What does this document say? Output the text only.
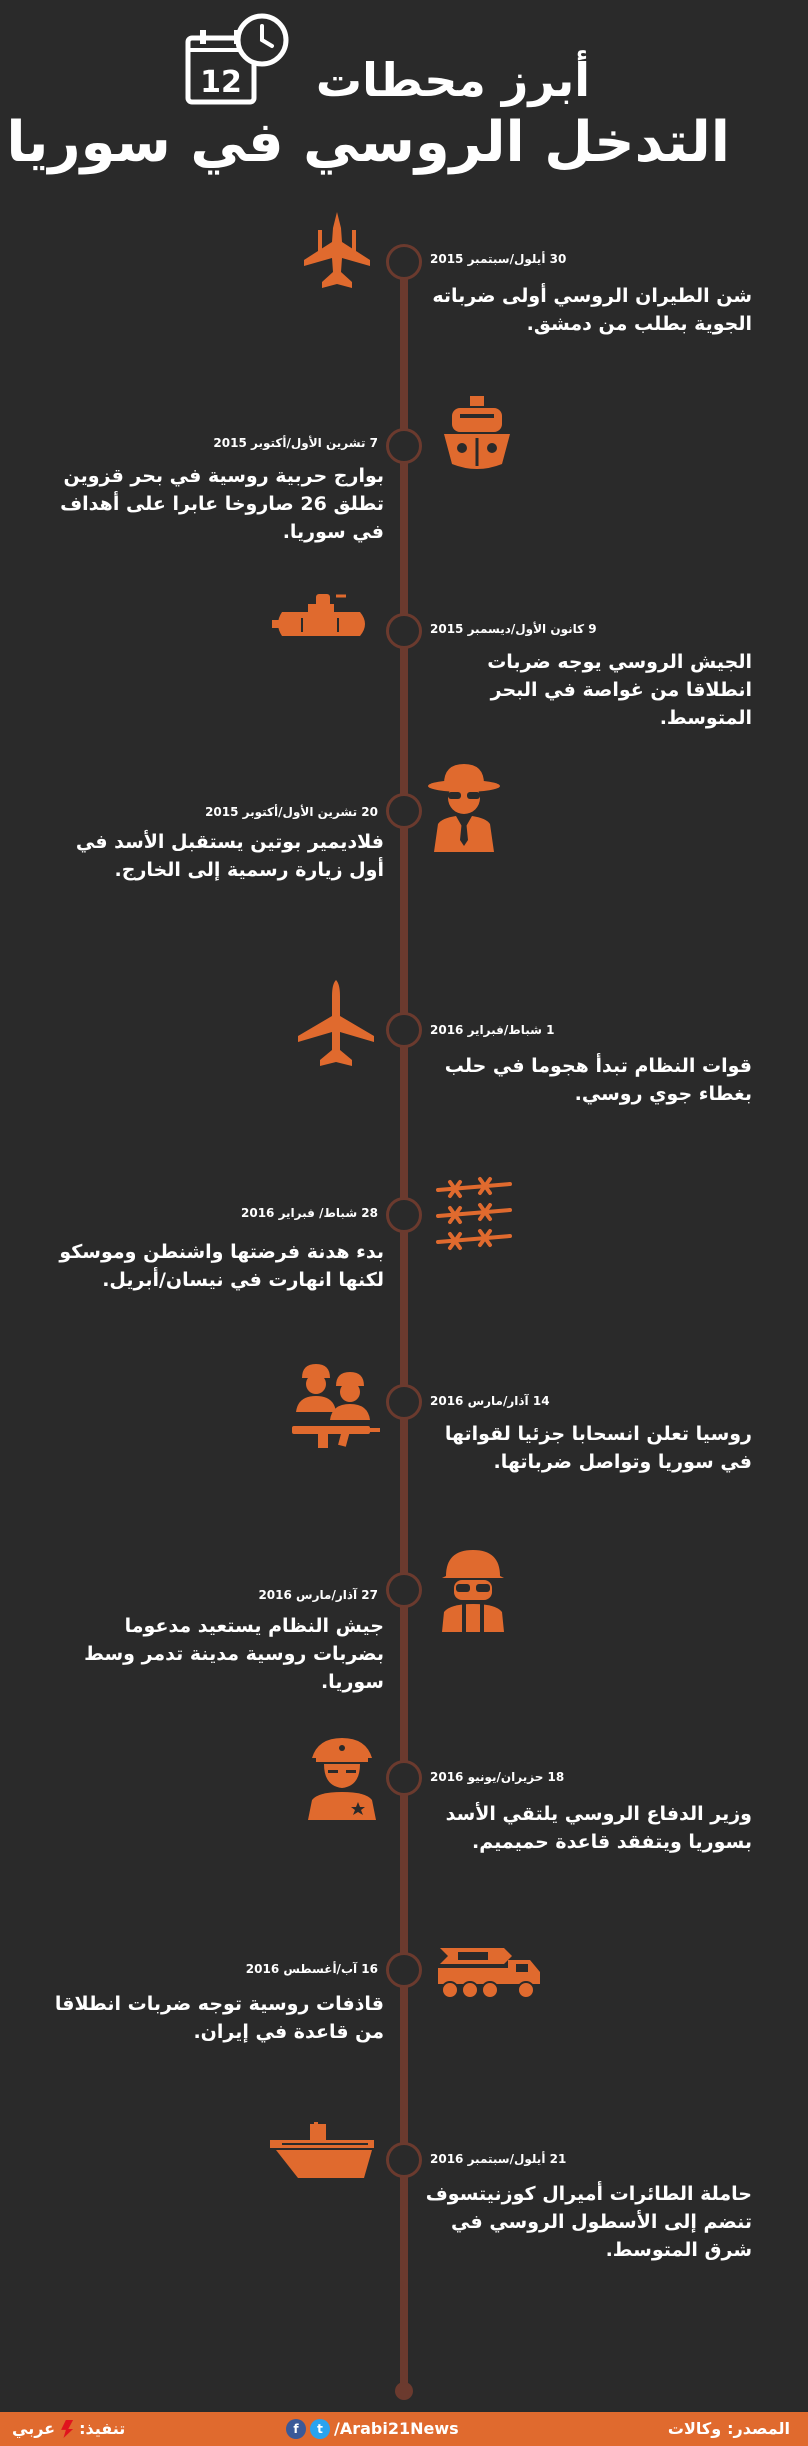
12	أبرز محطات
التدخل الروسي في سوريا
30 أيلول/سبتمبر 2015
شن الطيران الروسي أولى ضرباته الجوية بطلب من دمشق.
7 تشرين الأول/أكتوبر 2015
بوارج حربية روسية في بحر قزوين تطلق 26 صاروخا عابرا على أهداف في سوريا.
9 كانون الأول/ديسمبر 2015
الجيش الروسي يوجه ضربات انطلاقا من غواصة في البحر المتوسط.
20 تشرين الأول/أكتوبر 2015
فلاديمير بوتين يستقبل الأسد في أول زيارة رسمية إلى الخارج.
1 شباط/فبراير 2016
قوات النظام تبدأ هجوما في حلب بغطاء جوي روسي.
28 شباط/ فبراير 2016
بدء هدنة فرضتها واشنطن وموسكو لكنها انهارت في نيسان/أبريل.
14 آذار/مارس 2016
روسيا تعلن انسحابا جزئيا لقواتها في سوريا وتواصل ضرباتها.
27 آذار/مارس 2016
جيش النظام يستعيد مدعوما بضربات روسية مدينة تدمر وسط سوريا.
18 حزيران/يونيو 2016
وزير الدفاع الروسي يلتقي الأسد بسوريا ويتفقد قاعدة حميميم.
16 آب/أغسطس 2016
قاذفات روسية توجه ضربات انطلاقا من قاعدة في إيران.
21 أيلول/سبتمبر 2016
حاملة الطائرات أميرال كوزنيتسوف تنضم إلى الأسطول الروسي في شرق المتوسط.
المصدر:وكالات
f	t /Arabi21News
تنفيذ:
عربي
